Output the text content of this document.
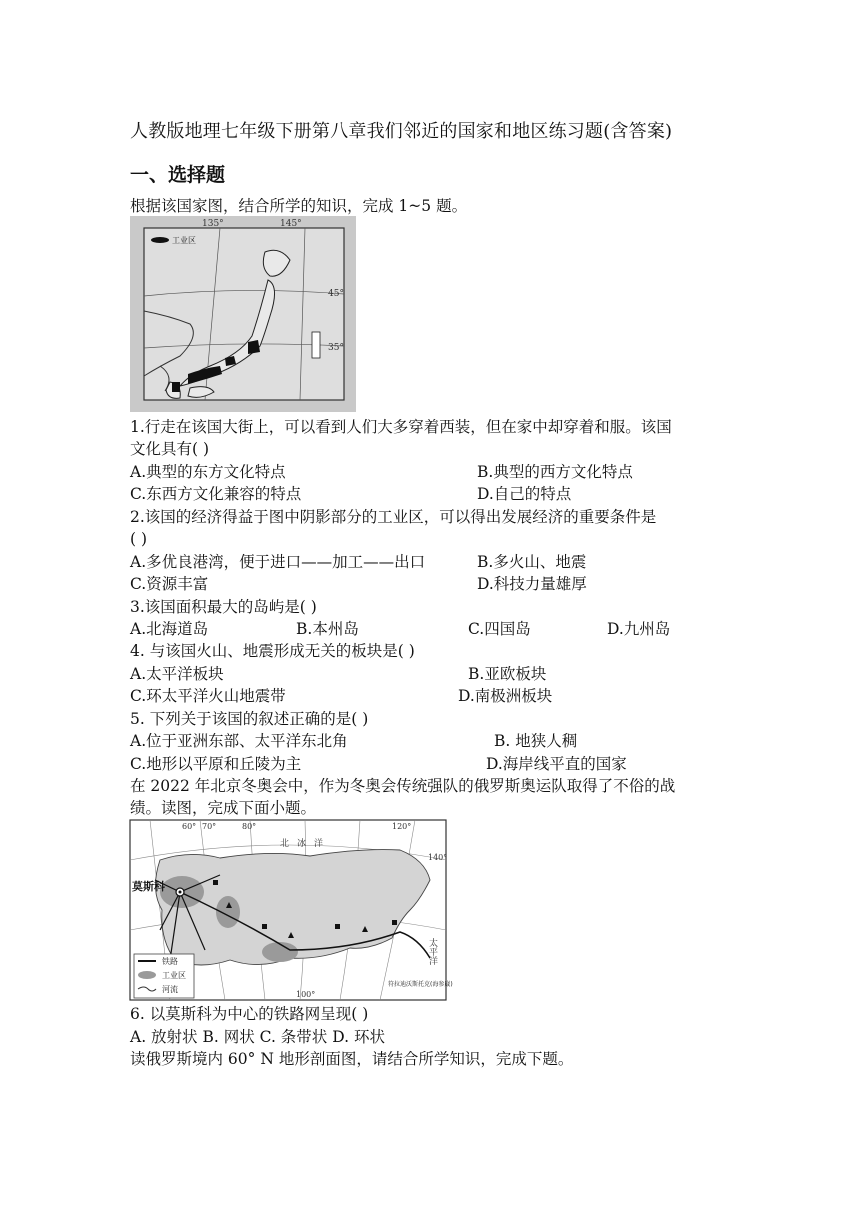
人教版地理七年级下册第八章我们邻近的国家和地区练习题(含答案)
一、选择题
根据该国家图，结合所学的知识，完成 1~5 题。
135°	145°
45°
35°
工业区
1.行走在该国大街上，可以看到人们大多穿着西装，但在家中却穿着和服。该国
文化具有( )
A.典型的东方文化特点	B.典型的西方文化特点
C.东西方文化兼容的特点	D.自己的特点
2.该国的经济得益于图中阴影部分的工业区，可以得出发展经济的重要条件是
( )
A.多优良港湾，便于进口——加工——出口	B.多火山、地震
C.资源丰富	D.科技力量雄厚
3.该国面积最大的岛屿是( )
A.北海道岛	B.本州岛	C.四国岛	D.九州岛
4. 与该国火山、地震形成无关的板块是( )
A.太平洋板块	B.亚欧板块
C.环太平洋火山地震带	D.南极洲板块
5. 下列关于该国的叙述正确的是( )
A.位于亚洲东部、太平洋东北角	B. 地狭人稠
C.地形以平原和丘陵为主	D.海岸线平直的国家
在 2022 年北京冬奥会中，作为冬奥会传统强队的俄罗斯奥运队取得了不俗的战
绩。读图，完成下面小题。
60° 70°	80°
100°
120°
140°
莫斯科
北冰洋
太平洋
铁路
工业区
河流
符拉迪沃斯托克(海参崴)
6. 以莫斯科为中心的铁路网呈现( )
A. 放射状 B. 网状 C. 条带状 D. 环状
读俄罗斯境内 60° N 地形剖面图，请结合所学知识，完成下题。
